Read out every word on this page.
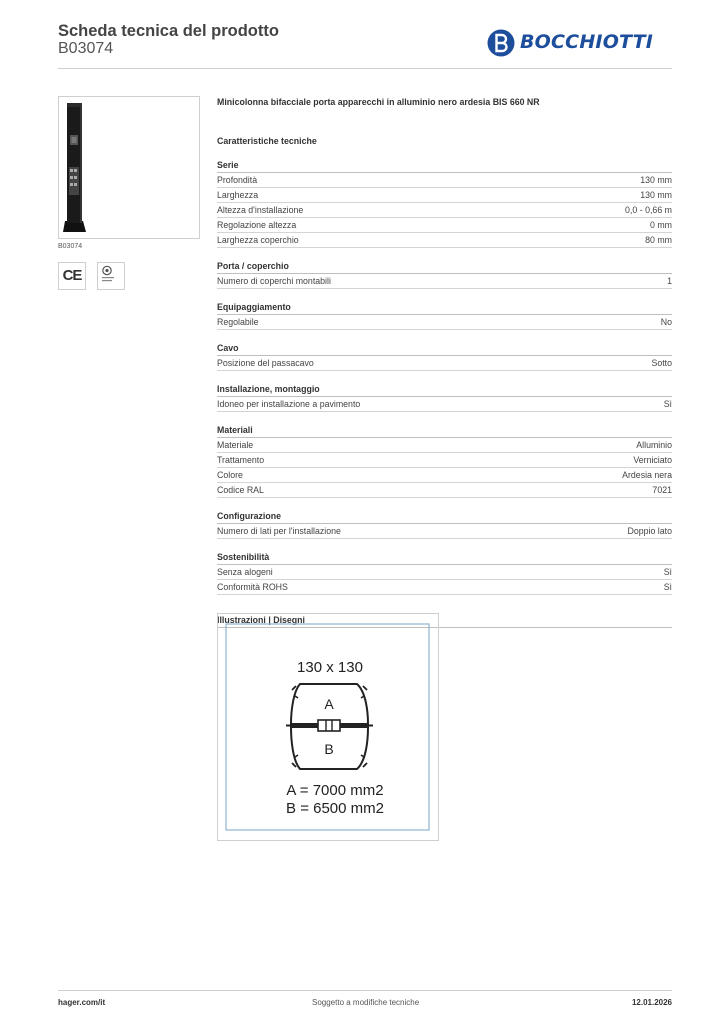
Scheda tecnica del prodotto
B03074	BOCCHIOTTI
B03074
CE
Minicolonna bifacciale porta apparecchi in alluminio nero ardesia BIS 660 NR
Caratteristiche tecniche
Serie
Profondità	130 mm
Larghezza	130 mm
Altezza d'installazione	0,0 - 0,66 m
Regolazione altezza	0 mm
Larghezza coperchio	80 mm
Porta / coperchio
Numero di coperchi montabili	1
Equipaggiamento
Regolabile	No
Cavo
Posizione del passacavo	Sotto
Installazione, montaggio
Idoneo per installazione a pavimento	Sì
Materiali
Materiale	Alluminio
Trattamento	Verniciato
Colore	Ardesia nera
Codice RAL	7021
Configurazione
Numero di lati per l'installazione	Doppio lato
Sostenibilità
Senza alogeni	Sì
Conformità ROHS	Sì
Illustrazioni | Disegni
130 x 130
A
B
A = 7000 mm2
B = 6500 mm2
hager.com/it	Soggetto a modifiche tecniche	12.01.2026
